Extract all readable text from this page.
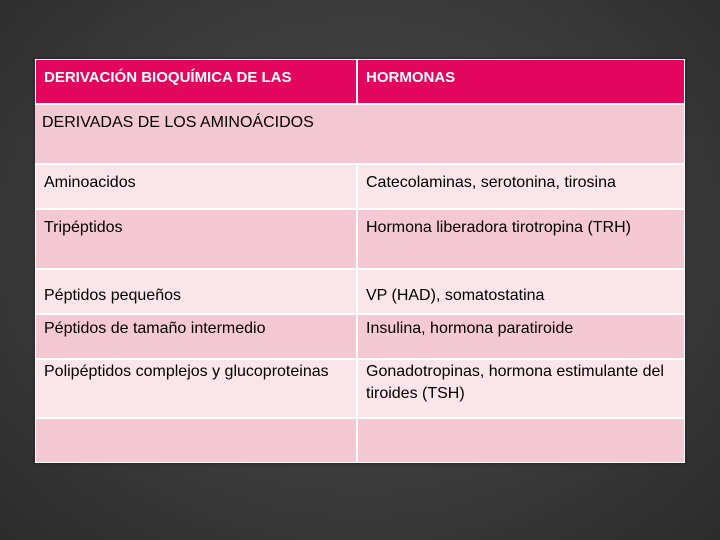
DERIVACIÓN BIOQUÍMICA DE LAS	HORMONAS
DERIVADAS DE LOS AMINOÁCIDOS
Aminoacidos	Catecolaminas, serotonina, tirosina
Tripéptidos	Hormona liberadora tirotropina (TRH)
Péptidos pequeños	VP (HAD), somatostatina
Péptidos de tamaño intermedio	Insulina, hormona paratiroide
Polipéptidos complejos y glucoproteinas	Gonadotropinas, hormona estimulante del tiroides (TSH)
